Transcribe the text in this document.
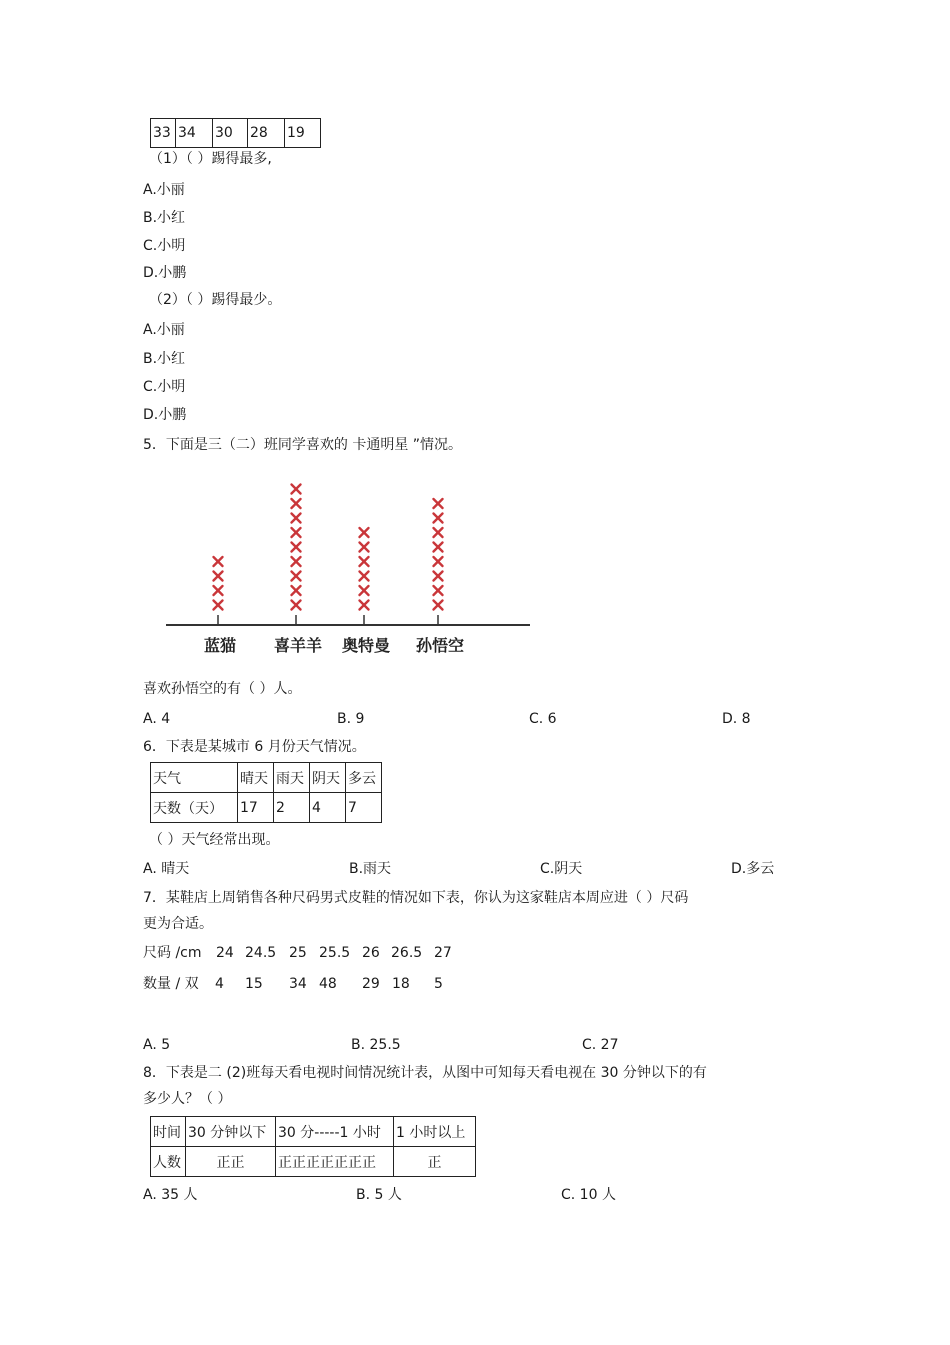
33	34	30	28	19
（1）（ ）踢得最多,
A.小丽
B.小红
C.小明
D.小鹏
（2）（ ）踢得最少。
A.小丽
B.小红
C.小明
D.小鹏
5．下面是三（二）班同学喜欢的 卡通明星 ”情况。
蓝猫 喜羊羊 奥特曼 孙悟空
喜欢孙悟空的有（ ）人。
A. 4	B. 9	C. 6	D. 8
6．下表是某城市 6 月份天气情况。
天气	晴天	雨天	阴天	多云
天数（天）	17	2	4	7
（ ）天气经常出现。
A. 晴天	B.雨天	C.阴天	D.多云
7．某鞋店上周销售各种尺码男式皮鞋的情况如下表，你认为这家鞋店本周应进（ ）尺码
更为合适。
尺码 /cm 24 24.5 25 25.5 26 26.5 27
数量 / 双 4 15 34 48 29 18 5
A. 5	B. 25.5	C. 27
8．下表是二 (2)班每天看电视时间情况统计表，从图中可知每天看电视在 30 分钟以下的有
多少人？（ ）
时间	30 分钟以下	30 分-----1 小时	1 小时以上
人数	正正	正正正正正正正	正
A. 35 人	B. 5 人	C. 10 人
